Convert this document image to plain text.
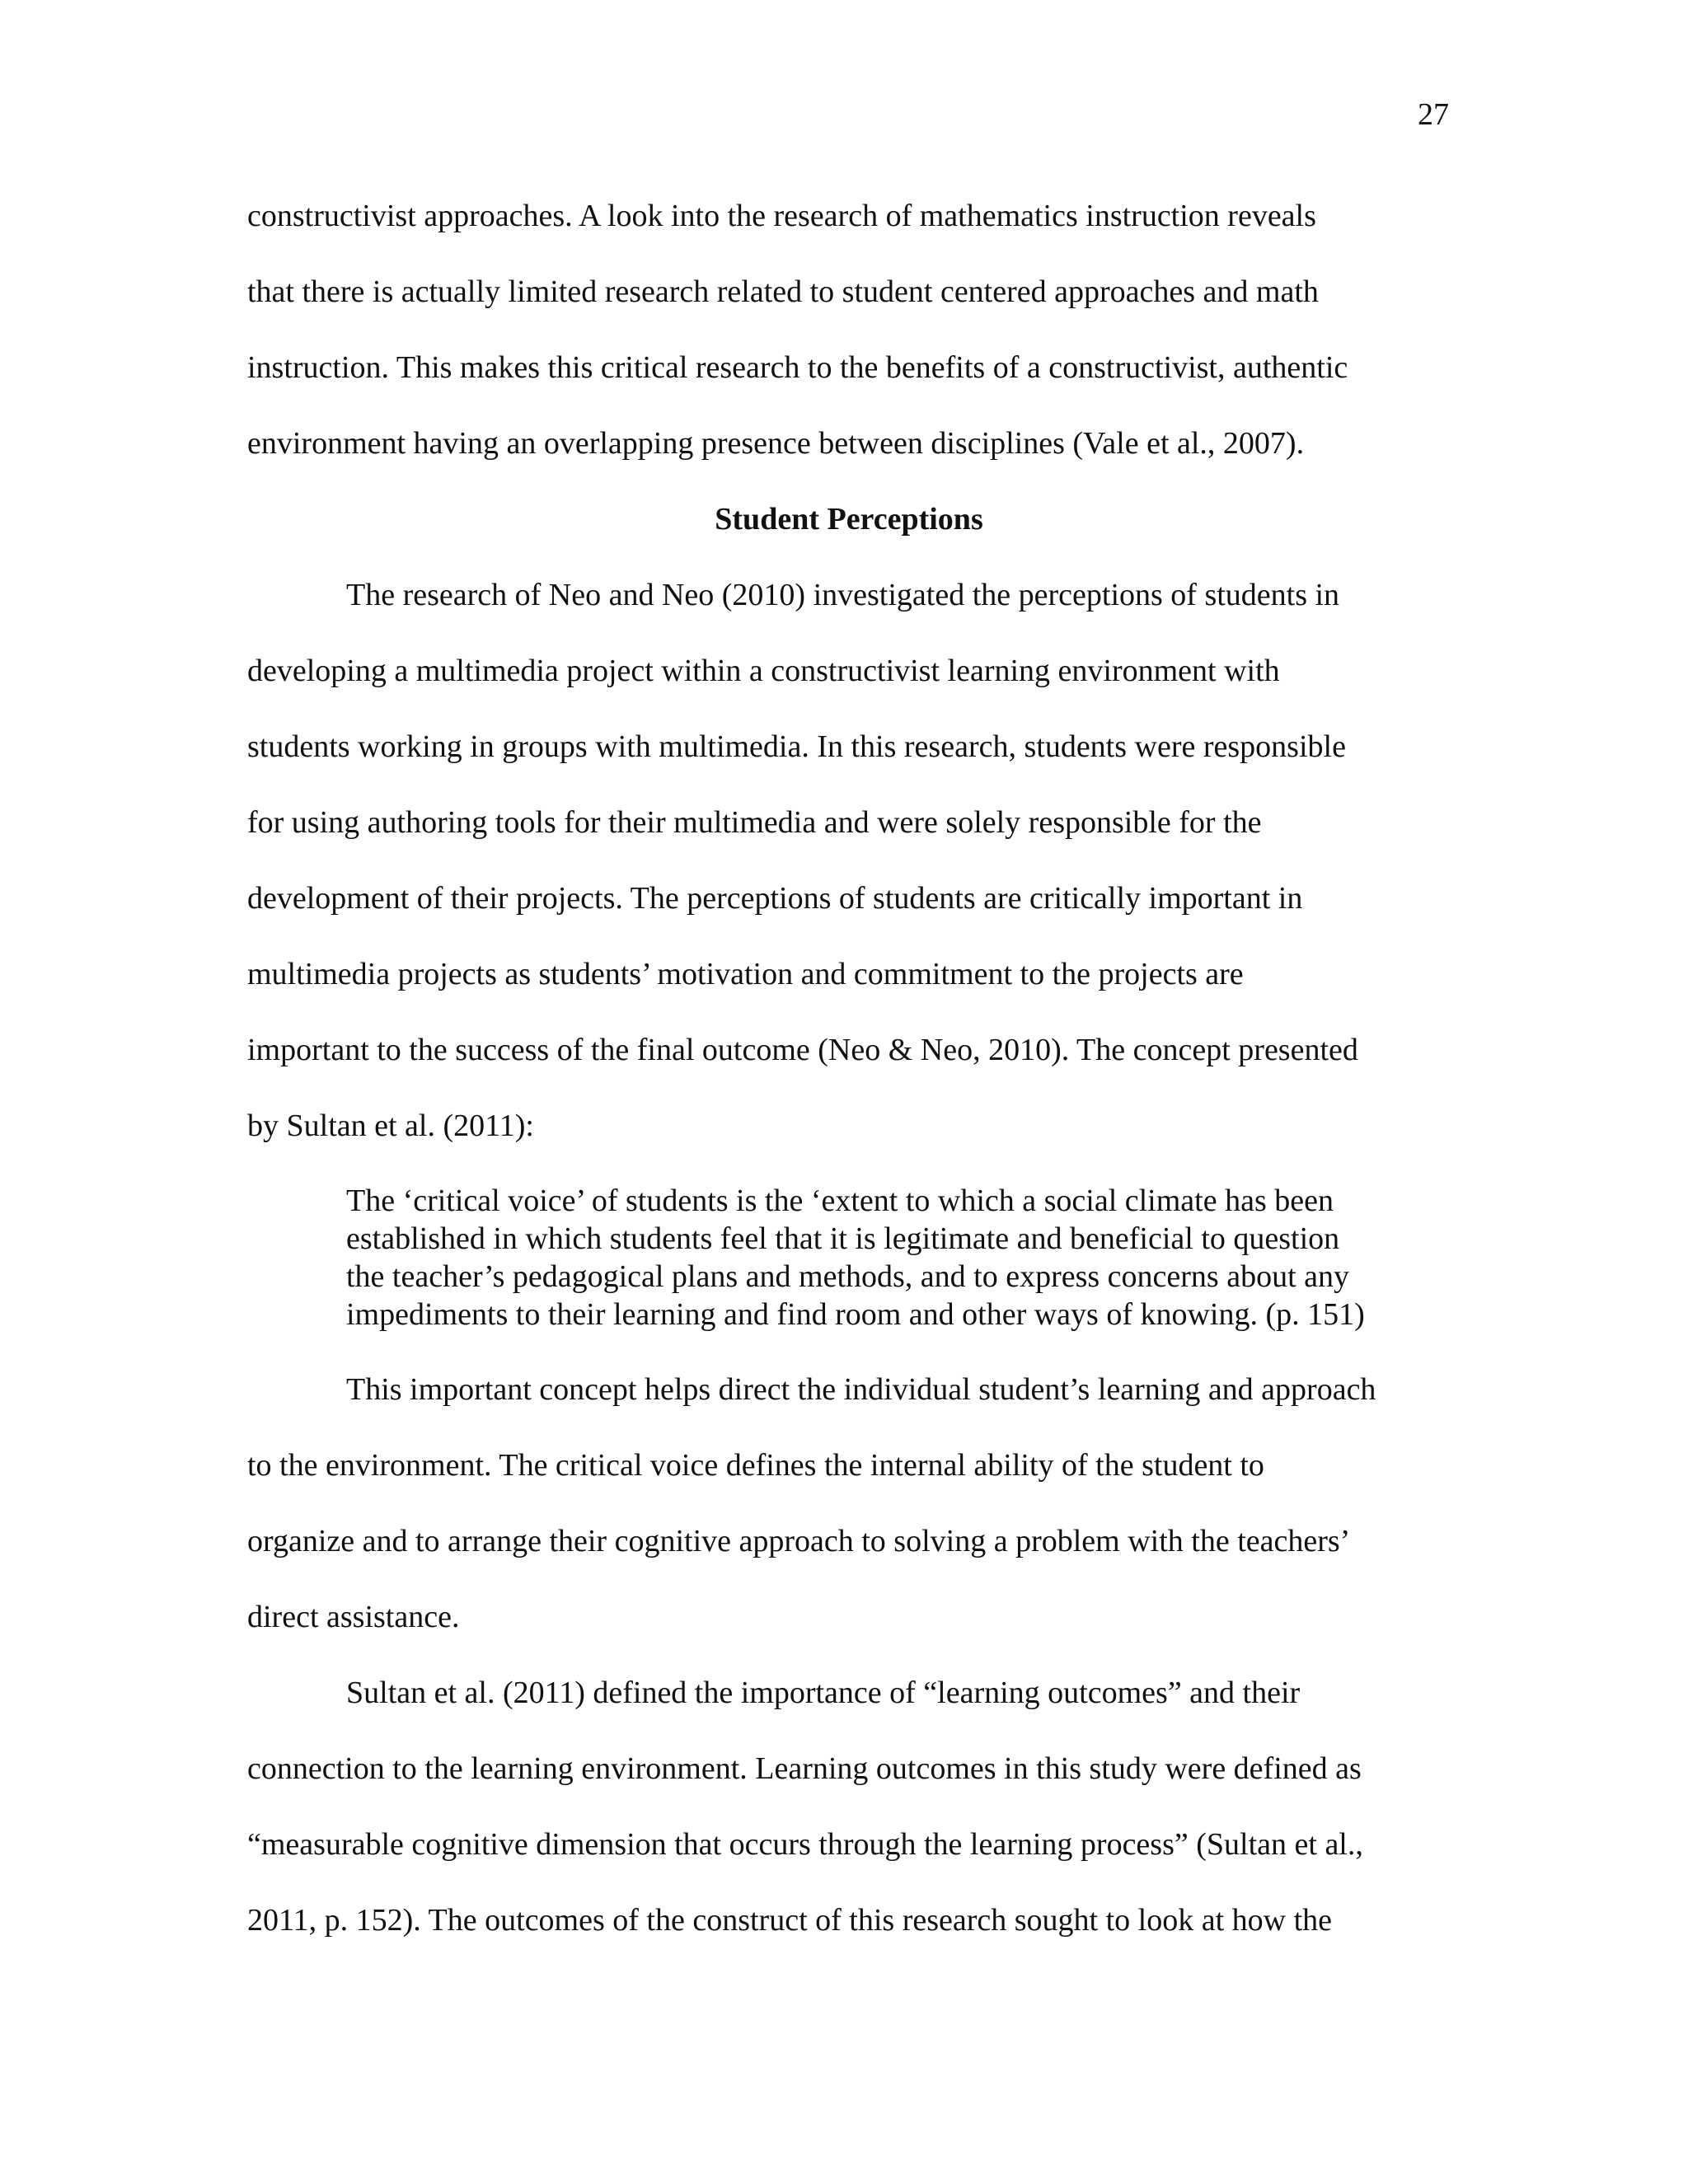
27
constructivist approaches. A look into the research of mathematics instruction reveals
that there is actually limited research related to student centered approaches and math
instruction. This makes this critical research to the benefits of a constructivist, authentic
environment having an overlapping presence between disciplines (Vale et al., 2007).
Student Perceptions
The research of Neo and Neo (2010) investigated the perceptions of students in
developing a multimedia project within a constructivist learning environment with
students working in groups with multimedia. In this research, students were responsible
for using authoring tools for their multimedia and were solely responsible for the
development of their projects. The perceptions of students are critically important in
multimedia projects as students’ motivation and commitment to the projects are
important to the success of the final outcome (Neo & Neo, 2010). The concept presented
by Sultan et al. (2011):
The ‘critical voice’ of students is the ‘extent to which a social climate has been
established in which students feel that it is legitimate and beneficial to question
the teacher’s pedagogical plans and methods, and to express concerns about any
impediments to their learning and find room and other ways of knowing. (p. 151)
This important concept helps direct the individual student’s learning and approach
to the environment. The critical voice defines the internal ability of the student to
organize and to arrange their cognitive approach to solving a problem with the teachers’
direct assistance.
Sultan et al. (2011) defined the importance of “learning outcomes” and their
connection to the learning environment. Learning outcomes in this study were defined as
“measurable cognitive dimension that occurs through the learning process” (Sultan et al.,
2011, p. 152). The outcomes of the construct of this research sought to look at how the
